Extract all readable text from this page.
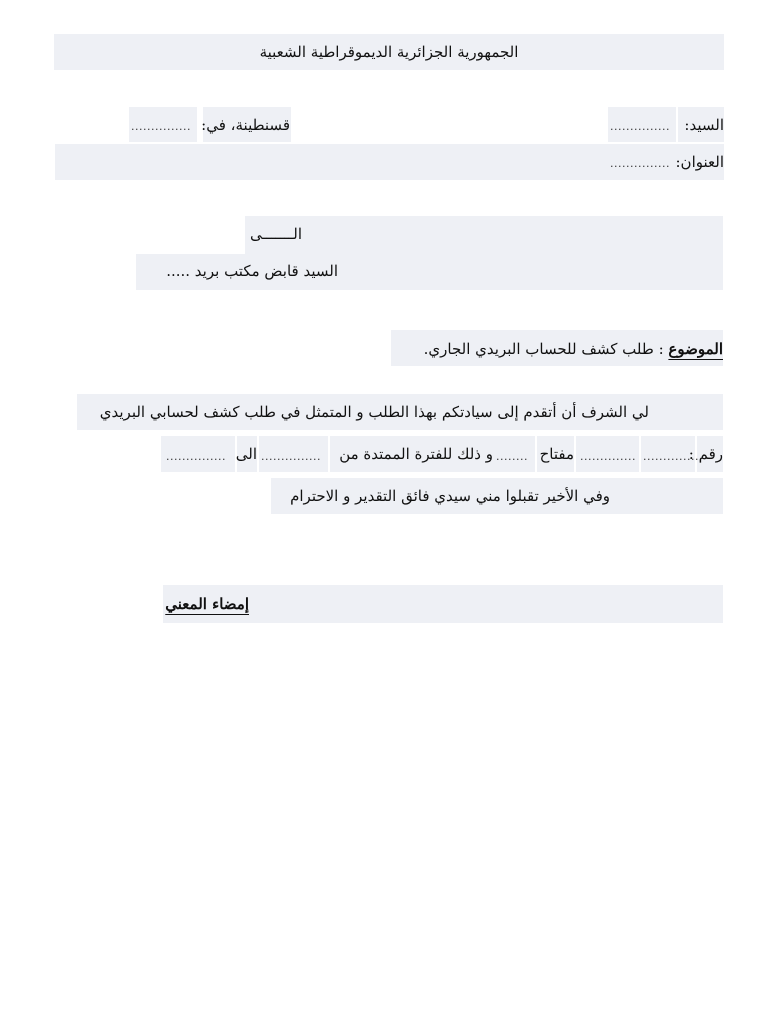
الجمهورية الجزائرية الديموقراطية الشعبية
السيد:
...............
قسنطينة، في:
...............
العنوان:
...............
الـــــــى
السيد قابض مكتب بريد .....
الموضوع : طلب كشف للحساب البريدي الجاري.
لي الشرف أن أتقدم إلى سيادتكم بهذا الطلب و المتمثل في طلب كشف لحسابي البريدي
رقم :
..............
..............
مفتاح
........
و ذلك للفترة الممتدة من
...............
الى
...............
وفي الأخير تقبلوا مني سيدي فائق التقدير و الاحترام
إمضاء المعني
